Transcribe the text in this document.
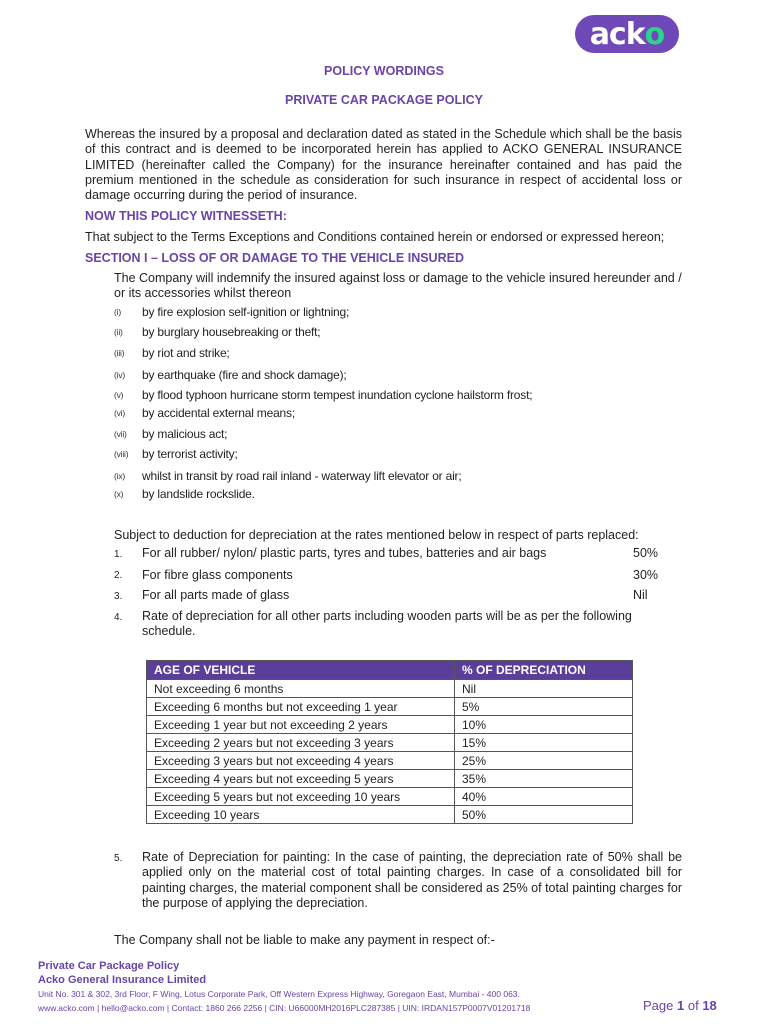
ack o
POLICY WORDINGS
PRIVATE CAR PACKAGE POLICY
Whereas the insured by a proposal and declaration dated as stated in the Schedule which shall be the basis of this contract and is deemed to be incorporated herein has applied to ACKO GENERAL INSURANCE LIMITED (hereinafter called the Company) for the insurance hereinafter contained and has paid the premium mentioned in the schedule as consideration for such insurance in respect of accidental loss or damage occurring during the period of insurance.
NOW THIS POLICY WITNESSETH:
That subject to the Terms Exceptions and Conditions contained herein or endorsed or expressed hereon;
SECTION I – LOSS OF OR DAMAGE TO THE VEHICLE INSURED
The Company will indemnify the insured against loss or damage to the vehicle insured hereunder and / or its accessories whilst thereon
(i) by fire explosion self-ignition or lightning;
(ii) by burglary housebreaking or theft;
(iii) by riot and strike;
(iv) by earthquake (fire and shock damage);
(v) by flood typhoon hurricane storm tempest inundation cyclone hailstorm frost;
(vi) by accidental external means;
(vii) by malicious act;
(viii) by terrorist activity;
(ix) whilst in transit by road rail inland - waterway lift elevator or air;
(x) by landslide rockslide.
Subject to deduction for depreciation at the rates mentioned below in respect of parts replaced:
1. For all rubber/ nylon/ plastic parts, tyres and tubes, batteries and air bags	50%
2. For fibre glass components	30%
3. For all parts made of glass	Nil
4. Rate of depreciation for all other parts including wooden parts will be as per the following schedule.
AGE OF VEHICLE	% OF DEPRECIATION
Not exceeding 6 months	Nil
Exceeding 6 months but not exceeding 1 year	5%
Exceeding 1 year but not exceeding 2 years	10%
Exceeding 2 years but not exceeding 3 years	15%
Exceeding 3 years but not exceeding 4 years	25%
Exceeding 4 years but not exceeding 5 years	35%
Exceeding 5 years but not exceeding 10 years	40%
Exceeding 10 years	50%
5. Rate of Depreciation for painting: In the case of painting, the depreciation rate of 50% shall be applied only on the material cost of total painting charges. In case of a consolidated bill for painting charges, the material component shall be considered as 25% of total painting charges for the purpose of applying the depreciation.
The Company shall not be liable to make any payment in respect of:-
Private Car Package Policy
Acko General Insurance Limited
Unit No. 301 & 302, 3rd Floor, F Wing, Lotus Corporate Park, Off Western Express Highway, Goregaon East, Mumbai - 400 063.
www.acko.com | hello@acko.com | Contact: 1860 266 2256 | CIN: U66000MH2016PLC287385 | UIN: IRDAN157P0007V01201718	Page 1 of 18
